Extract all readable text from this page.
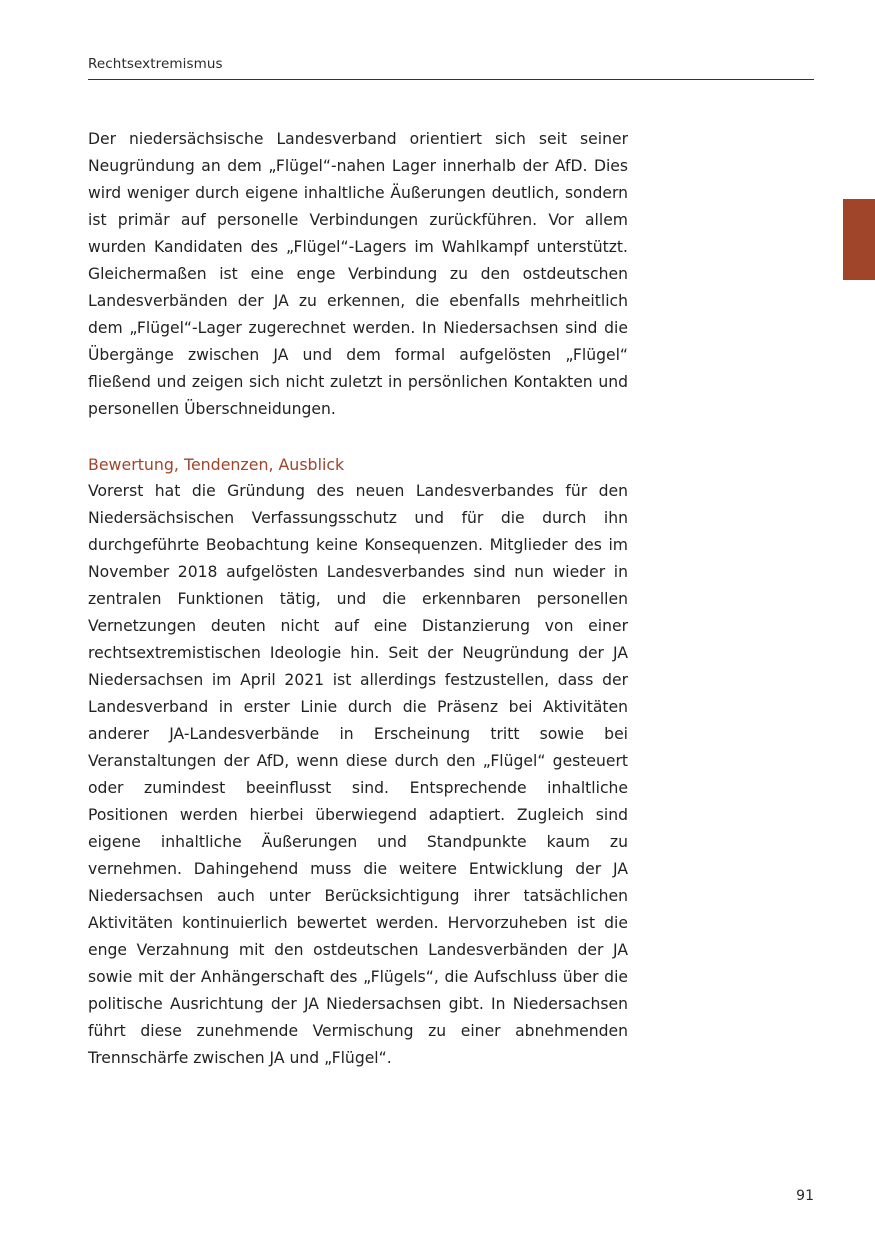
Rechtsextremismus

Der niedersächsische Landesverband orientiert sich seit seiner Neugründung an dem „Flügel“-nahen Lager innerhalb der AfD. Dies wird weniger durch eigene inhaltliche Äußerungen deutlich, sondern ist primär auf personelle Verbindungen zurückführen. Vor allem wurden Kandidaten des „Flügel“-Lagers im Wahlkampf unterstützt. Gleichermaßen ist eine enge Verbindung zu den ostdeutschen Landesverbänden der JA zu erkennen, die ebenfalls mehrheitlich dem „Flügel“-Lager zugerechnet werden. In Niedersachsen sind die Übergänge zwischen JA und dem formal aufgelösten „Flügel“ fließend und zeigen sich nicht zuletzt in persönlichen Kontakten und personellen Überschneidungen.

Bewertung, Tendenzen, Ausblick

Vorerst hat die Gründung des neuen Landesverbandes für den Niedersächsischen Verfassungsschutz und für die durch ihn durchgeführte Beobachtung keine Konsequenzen. Mitglieder des im November 2018 aufgelösten Landesverbandes sind nun wieder in zentralen Funktionen tätig, und die erkennbaren personellen Vernetzungen deuten nicht auf eine Distanzierung von einer rechtsextremistischen Ideologie hin. Seit der Neugründung der JA Niedersachsen im April 2021 ist allerdings festzustellen, dass der Landesverband in erster Linie durch die Präsenz bei Aktivitäten anderer JA-Landesverbände in Erscheinung tritt sowie bei Veranstaltungen der AfD, wenn diese durch den „Flügel“ gesteuert oder zumindest beeinflusst sind. Entsprechende inhaltliche Positionen werden hierbei überwiegend adaptiert. Zugleich sind eigene inhaltliche Äußerungen und Standpunkte kaum zu vernehmen. Dahingehend muss die weitere Entwicklung der JA Niedersachsen auch unter Berücksichtigung ihrer tatsächlichen Aktivitäten kontinuierlich bewertet werden. Hervorzuheben ist die enge Verzahnung mit den ostdeutschen Landesverbänden der JA sowie mit der Anhängerschaft des „Flügels“, die Aufschluss über die politische Ausrichtung der JA Niedersachsen gibt. In Niedersachsen führt diese zunehmende Vermischung zu einer abnehmenden Trennschärfe zwischen JA und „Flügel“.

91
